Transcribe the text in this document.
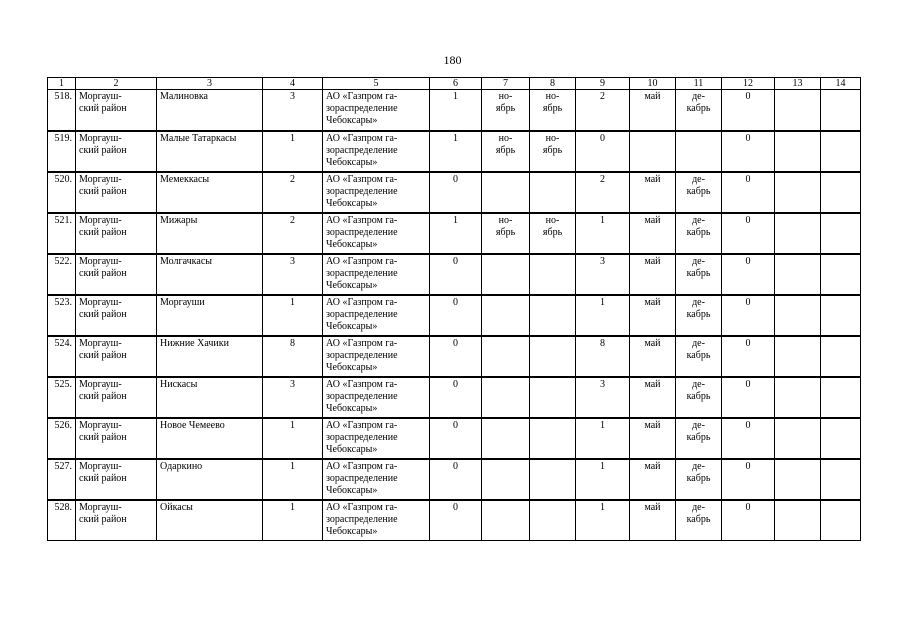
180
1	2	3	4	5	6	7	8	9	10	11	12	13	14
518.	Моргауш-
ский район	Малиновка	3	АО «Газпром га-
зораспределение
Чебоксары»	1	но-
ябрь	но-
ябрь	2	май	де-
кабрь	0		
519.	Моргауш-
ский район	Малые Татаркасы	1	АО «Газпром га-
зораспределение
Чебоксары»	1	но-
ябрь	но-
ябрь	0			0		
520.	Моргауш-
ский район	Мемеккасы	2	АО «Газпром га-
зораспределение
Чебоксары»	0			2	май	де-
кабрь	0		
521.	Моргауш-
ский район	Мижары	2	АО «Газпром га-
зораспределение
Чебоксары»	1	но-
ябрь	но-
ябрь	1	май	де-
кабрь	0		
522.	Моргауш-
ский район	Молгачкасы	3	АО «Газпром га-
зораспределение
Чебоксары»	0			3	май	де-
кабрь	0		
523.	Моргауш-
ский район	Моргауши	1	АО «Газпром га-
зораспределение
Чебоксары»	0			1	май	де-
кабрь	0		
524.	Моргауш-
ский район	Нижние Хачики	8	АО «Газпром га-
зораспределение
Чебоксары»	0			8	май	де-
кабрь	0		
525.	Моргауш-
ский район	Нискасы	3	АО «Газпром га-
зораспределение
Чебоксары»	0			3	май	де-
кабрь	0		
526.	Моргауш-
ский район	Новое Чемеево	1	АО «Газпром га-
зораспределение
Чебоксары»	0			1	май	де-
кабрь	0		
527.	Моргауш-
ский район	Одаркино	1	АО «Газпром га-
зораспределение
Чебоксары»	0			1	май	де-
кабрь	0		
528.	Моргауш-
ский район	Ойкасы	1	АО «Газпром га-
зораспределение
Чебоксары»	0			1	май	де-
кабрь	0		
